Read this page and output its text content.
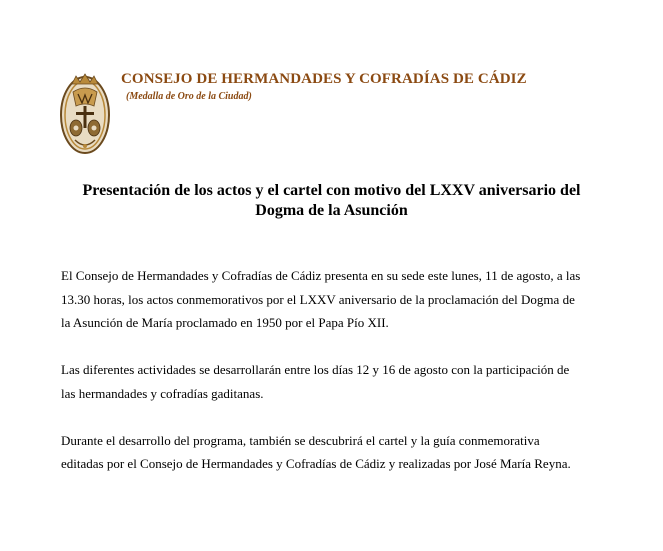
CONSEJO DE HERMANDADES Y COFRADÍAS DE CÁDIZ
(Medalla de Oro de la Ciudad)
Presentación de los actos y el cartel con motivo del LXXV aniversario del
Dogma de la Asunción

El Consejo de Hermandades y Cofradías de Cádiz presenta en su sede este lunes, 11 de agosto, a las
13.30 horas, los actos conmemorativos por el LXXV aniversario de la proclamación del Dogma de
la Asunción de María proclamado en 1950 por el Papa Pío XII.

Las diferentes actividades se desarrollarán entre los días 12 y 16 de agosto con la participación de
las hermandades y cofradías gaditanas.

Durante el desarrollo del programa, también se descubrirá el cartel y la guía conmemorativa
editadas por el Consejo de Hermandades y Cofradías de Cádiz y realizadas por José María Reyna.
